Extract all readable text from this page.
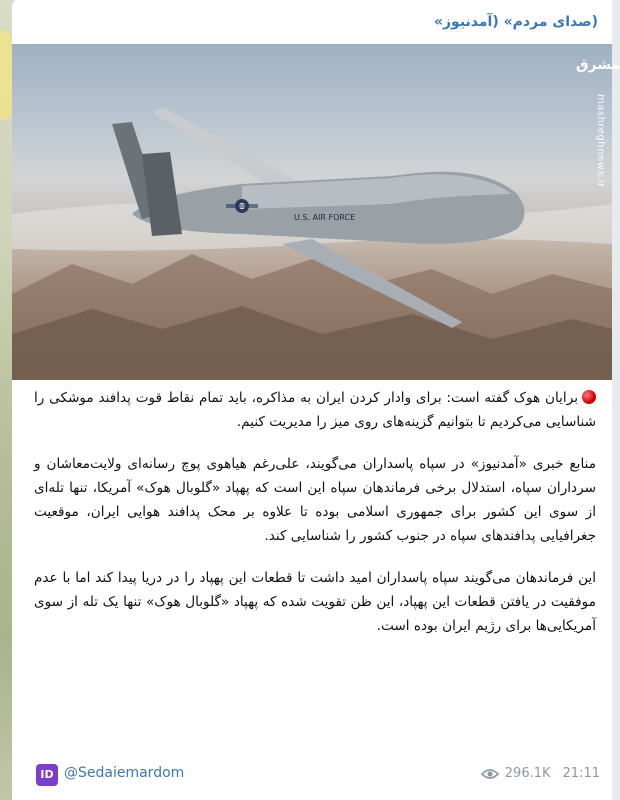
(صدای مردم» (آمدنیوز»
U.S. AIR FORCE
مشرق
mashreghnews.ir

برایان هوک گفته است: برای وادار کردن ایران به مذاکره، باید تمام نقاط قوت پدافند موشکی را شناسایی می‌کردیم تا بتوانیم گزینه‌های روی میز را مدیریت کنیم.

منابع خبری «آمدنیوز» در سپاه پاسداران می‌گویند، علی‌رغم هیاهوی پوچ رسانه‌ای ولایت‌معاشان و سرداران سپاه، استدلال برخی فرماندهان سپاه این است که پهپاد «گلوبال هوک» آمریکا، تنها تله‌ای از سوی این کشور برای جمهوری اسلامی بوده تا علاوه بر محک پدافند هوایی ایران، موقعیت جغرافیایی پدافندهای سپاه در جنوب کشور را شناسایی کند.

این فرماندهان می‌گویند سپاه پاسداران امید داشت تا قطعات این پهپاد را در دریا پیدا کند اما با عدم موفقیت در یافتن قطعات این پهپاد، این ظن تقویت شده که پهپاد «گلوبال هوک» تنها یک تله از سوی آمریکایی‌ها برای رژیم ایران بوده است.

ID @Sedaiemardom	296.1K 21:11
